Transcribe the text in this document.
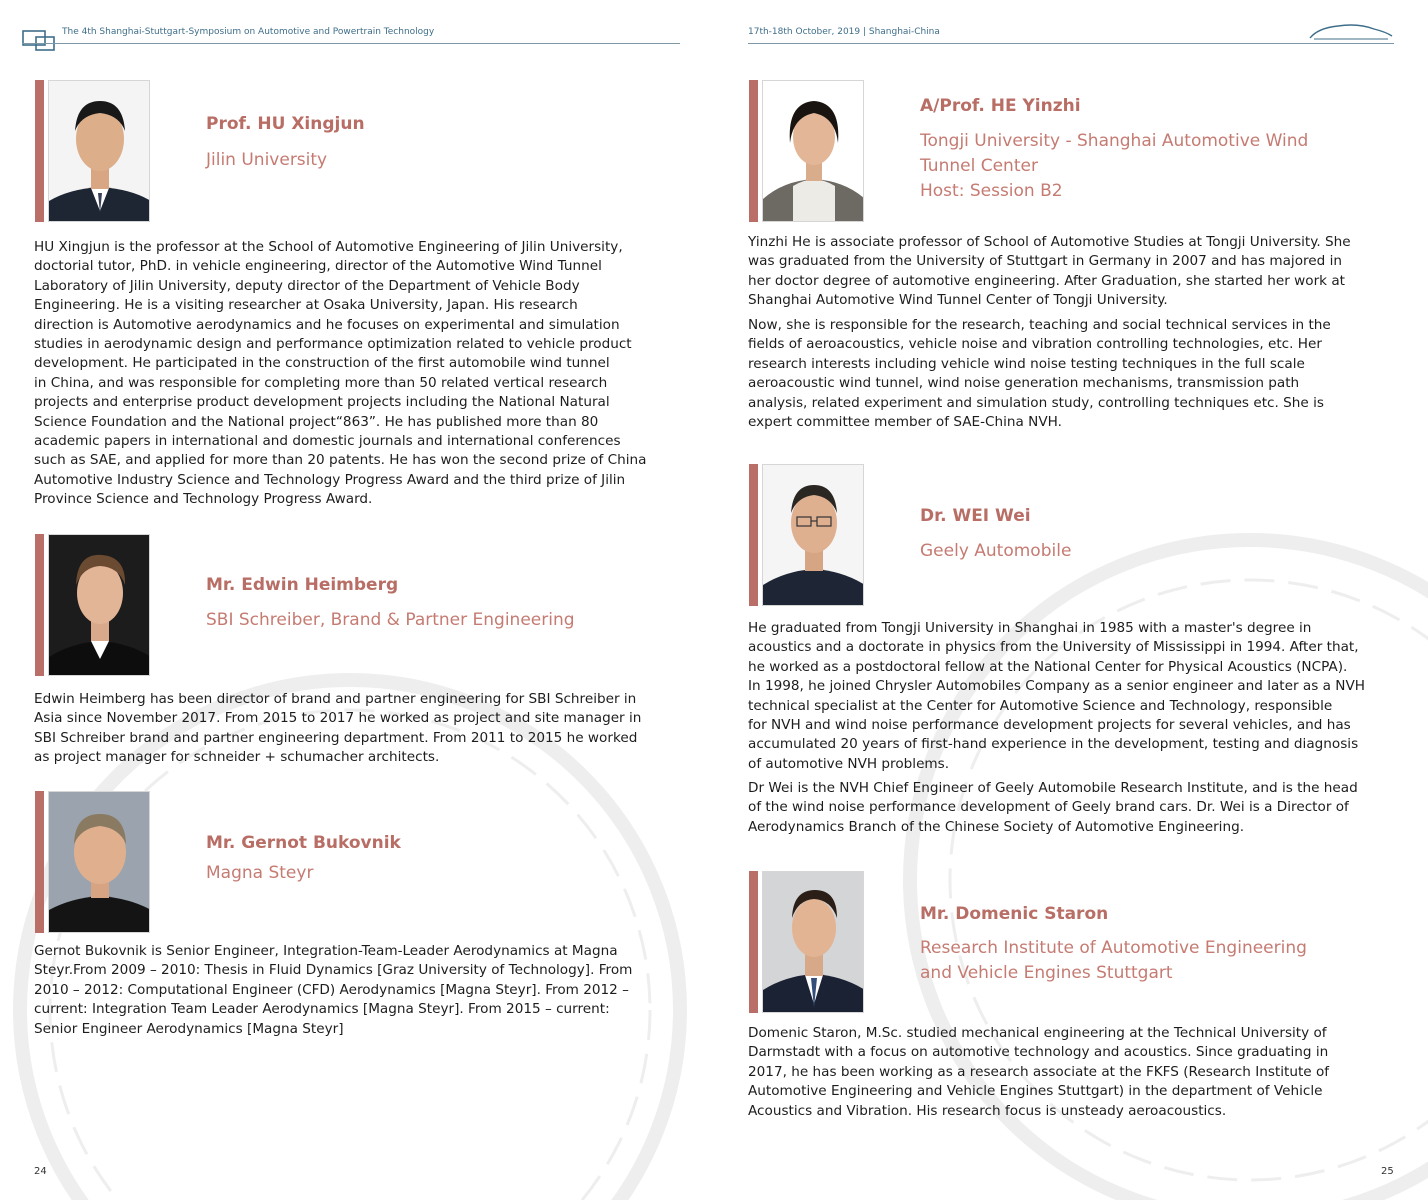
The 4th Shanghai-Stuttgart-Symposium on Automotive and Powertrain Technology
Prof. HU Xingjun
Jilin University
HU Xingjun is the professor at the School of Automotive Engineering of Jilin University,
doctorial tutor, PhD. in vehicle engineering, director of the Automotive Wind Tunnel
Laboratory of Jilin University, deputy director of the Department of Vehicle Body
Engineering. He is a visiting researcher at Osaka University, Japan. His research
direction is Automotive aerodynamics and he focuses on experimental and simulation
studies in aerodynamic design and performance optimization related to vehicle product
development. He participated in the construction of the first automobile wind tunnel
in China, and was responsible for completing more than 50 related vertical research
projects and enterprise product development projects including the National Natural
Science Foundation and the National project“863”. He has published more than 80
academic papers in international and domestic journals and international conferences
such as SAE, and applied for more than 20 patents. He has won the second prize of China
Automotive Industry Science and Technology Progress Award and the third prize of Jilin
Province Science and Technology Progress Award.
Mr. Edwin Heimberg
SBI Schreiber, Brand & Partner Engineering
Edwin Heimberg has been director of brand and partner engineering for SBI Schreiber in
Asia since November 2017. From 2015 to 2017 he worked as project and site manager in
SBI Schreiber brand and partner engineering department. From 2011 to 2015 he worked
as project manager for schneider + schumacher architects.
Mr. Gernot Bukovnik
Magna Steyr
Gernot Bukovnik is Senior Engineer, Integration-Team-Leader Aerodynamics at Magna
Steyr.From 2009 – 2010: Thesis in Fluid Dynamics [Graz University of Technology]. From
2010 – 2012: Computational Engineer (CFD) Aerodynamics [Magna Steyr]. From 2012 –
current: Integration Team Leader Aerodynamics [Magna Steyr]. From 2015 – current:
Senior Engineer Aerodynamics [Magna Steyr]
24
17th-18th October, 2019 | Shanghai-China
A/Prof. HE Yinzhi
Tongji University - Shanghai Automotive Wind
Tunnel Center
Host: Session B2
Yinzhi He is associate professor of School of Automotive Studies at Tongji University. She
was graduated from the University of Stuttgart in Germany in 2007 and has majored in
her doctor degree of automotive engineering. After Graduation, she started her work at
Shanghai Automotive Wind Tunnel Center of Tongji University.
Now, she is responsible for the research, teaching and social technical services in the
fields of aeroacoustics, vehicle noise and vibration controlling technologies, etc. Her
research interests including vehicle wind noise testing techniques in the full scale
aeroacoustic wind tunnel, wind noise generation mechanisms, transmission path
analysis, related experiment and simulation study, controlling techniques etc. She is
expert committee member of SAE-China NVH.
Dr. WEI Wei
Geely Automobile
He graduated from Tongji University in Shanghai in 1985 with a master's degree in
acoustics and a doctorate in physics from the University of Mississippi in 1994. After that,
he worked as a postdoctoral fellow at the National Center for Physical Acoustics (NCPA).
In 1998, he joined Chrysler Automobiles Company as a senior engineer and later as a NVH
technical specialist at the Center for Automotive Science and Technology, responsible
for NVH and wind noise performance development projects for several vehicles, and has
accumulated 20 years of first-hand experience in the development, testing and diagnosis
of automotive NVH problems.
Dr Wei is the NVH Chief Engineer of Geely Automobile Research Institute, and is the head
of the wind noise performance development of Geely brand cars. Dr. Wei is a Director of
Aerodynamics Branch of the Chinese Society of Automotive Engineering.
Mr. Domenic Staron
Research Institute of Automotive Engineering
and Vehicle Engines Stuttgart
Domenic Staron, M.Sc. studied mechanical engineering at the Technical University of
Darmstadt with a focus on automotive technology and acoustics. Since graduating in
2017, he has been working as a research associate at the FKFS (Research Institute of
Automotive Engineering and Vehicle Engines Stuttgart) in the department of Vehicle
Acoustics and Vibration. His research focus is unsteady aeroacoustics.
25
